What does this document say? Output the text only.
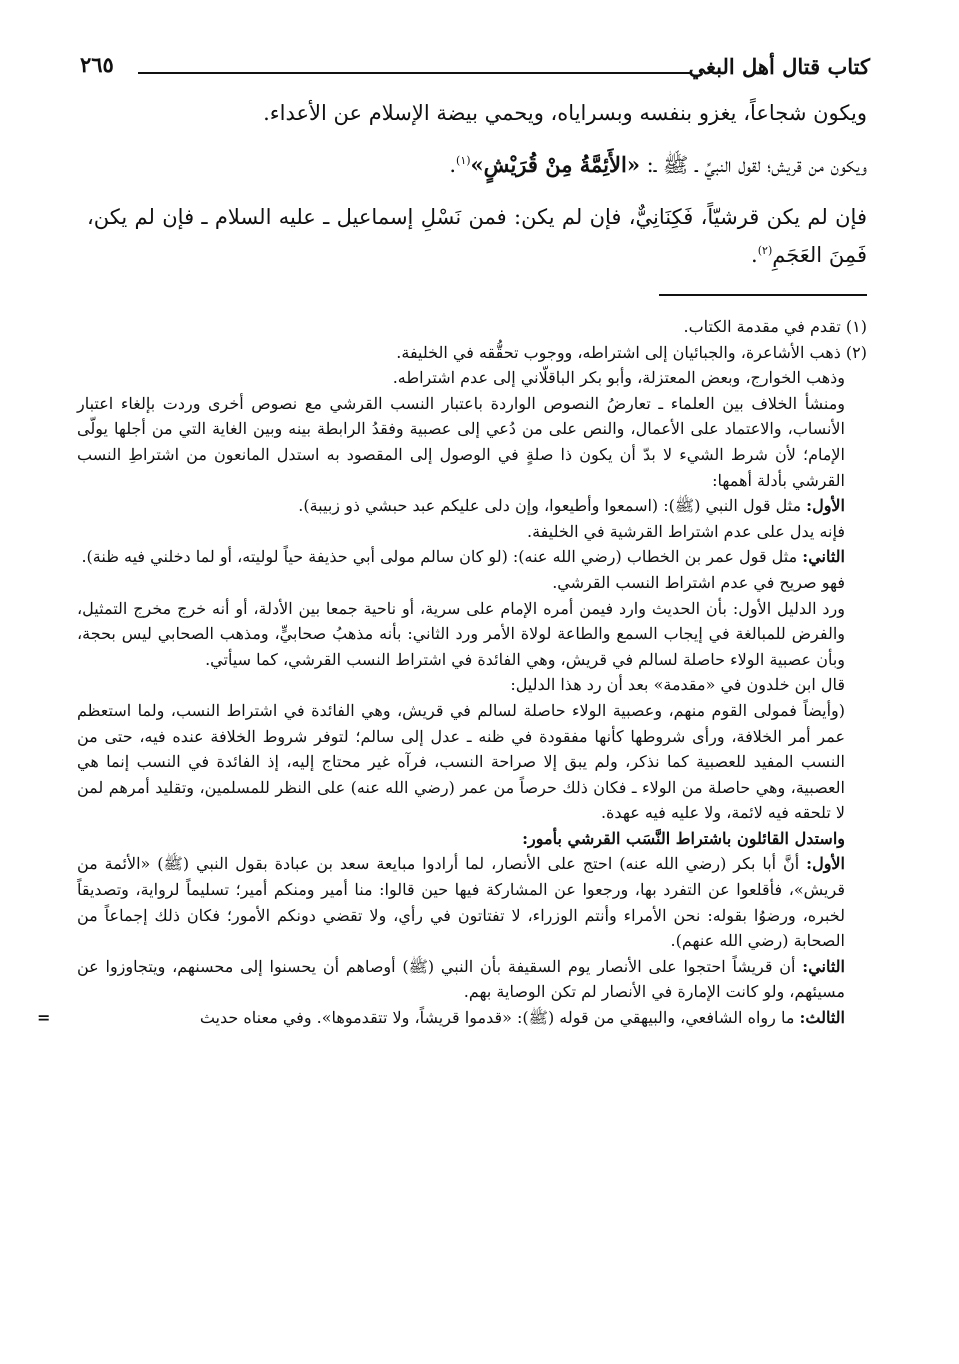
كتاب قتال أهل البغي
٢٦٥

ويكون شجاعاً، يغزو بنفسه وبسراياه، ويحمي بيضة الإسلام عن الأعداء.

ويكون من قريش؛ لقول النبيِّ ـ ﷺ ـ: «الأَئِمَّةُ مِنْ قُرَيْشٍ»$^{(١)}$.

فإن لم يكن قرشيّاً، فَكِنَانِيٌّ، فإن لم يكن: فمن نَسْلِ إسماعيل ـ عليه السلام ـ فإن لم يكن، فَمِنَ العَجَمِ$^{(٢)}$.

(١) تقدم في مقدمة الكتاب.

(٢) ذهب الأشاعرة، والجبائيان إلى اشتراطه، ووجوب تحقُّقه في الخليفة.

وذهب الخوارج، وبعض المعتزلة، وأبو بكر الباقلّاني إلى عدم اشتراطه.

ومنشأ الخلاف بين العلماء ـ تعارضُ النصوص الواردة باعتبار النسب القرشي مع نصوص أخرى وردت بإلغاء اعتبار الأنساب، والاعتماد على الأعمال، والنص على من دُعي إلى عصبية وفقدُ الرابطة بينه وبين الغاية التي من أجلها يولّى الإمام؛ لأن شرط الشيء لا بدّ أن يكون ذا صلةٍ في الوصول إلى المقصود به استدل المانعون من اشتراطِ النسب القرشي بأدلة أهمها:

الأول: مثل قول النبي (ﷺ): (اسمعوا وأطيعوا، وإن دلى عليكم عبد حبشي ذو زبيبة).

فإنه يدل على عدم اشتراط القرشية في الخليفة.

الثاني: مثل قول عمر بن الخطاب (رضي الله عنه): (لو كان سالم مولى أبي حذيفة حياً لوليته، أو لما دخلني فيه ظنة).

فهو صريح في عدم اشتراط النسب القرشي.

ورد الدليل الأول: بأن الحديث وارد فيمن أمره الإمام على سرية، أو ناحية جمعا بين الأدلة، أو أنه خرج مخرج التمثيل، والفرض للمبالغة في إيجاب السمع والطاعة لولاة الأمر ورد الثاني: بأنه مذهبُ صحابيٍّ، ومذهب الصحابي ليس بحجة، وبأن عصبية الولاء حاصلة لسالم في قريش، وهي الفائدة في اشتراط النسب القرشي، كما سيأتي.

قال ابن خلدون في «مقدمة» بعد أن رد هذا الدليل:

(وأيضاً فمولى القوم منهم، وعصبية الولاء حاصلة لسالم في قريش، وهي الفائدة في اشتراط النسب، ولما استعظم عمر أمر الخلافة، ورأى شروطها كأنها مفقودة في ظنه ـ عدل إلى سالم؛ لتوفر شروط الخلافة عنده فيه، حتى من النسب المفيد للعصبية كما نذكر، ولم يبق إلا صراحة النسب، فرآه غير محتاج إليه، إذ الفائدة في النسب إنما هي العصبية، وهي حاصلة من الولاء ـ فكان ذلك حرصاً من عمر (رضي الله عنه) على النظر للمسلمين، وتقليد أمرهم لمن لا تلحقه فيه لائمة، ولا عليه فيه عهدة.

واستدل القائلون باشتراط النَّسَب القرشي بأمور:

الأول: أنَّ أبا بكر (رضي الله عنه) احتج على الأنصار، لما أرادوا مبايعة سعد بن عبادة بقول النبي (ﷺ) «الأئمة من قريش»، فأقلعوا عن التفرد بها، ورجعوا عن المشاركة فيها حين قالوا: منا أمير ومنكم أمير؛ تسليماً لرواية، وتصديقاً لخبره، ورضوُا بقوله: نحن الأمراء وأنتم الوزراء، لا تفتاتون في رأي، ولا تقضي دونكم الأمور؛ فكان ذلك إجماعاً من الصحابة (رضي الله عنهم).

الثاني: أن قريشاً احتجوا على الأنصار يوم السقيفة بأن النبي (ﷺ) أوصاهم أن يحسنوا إلى محسنهم، ويتجاوزوا عن مسيئهم، ولو كانت الإمارة في الأنصار لم تكن الوصاية بهم.

الثالث: ما رواه الشافعي، والبيهقي من قوله (ﷺ): «قدموا قريشاً، ولا تتقدموها». وفي معناه حديث
=
